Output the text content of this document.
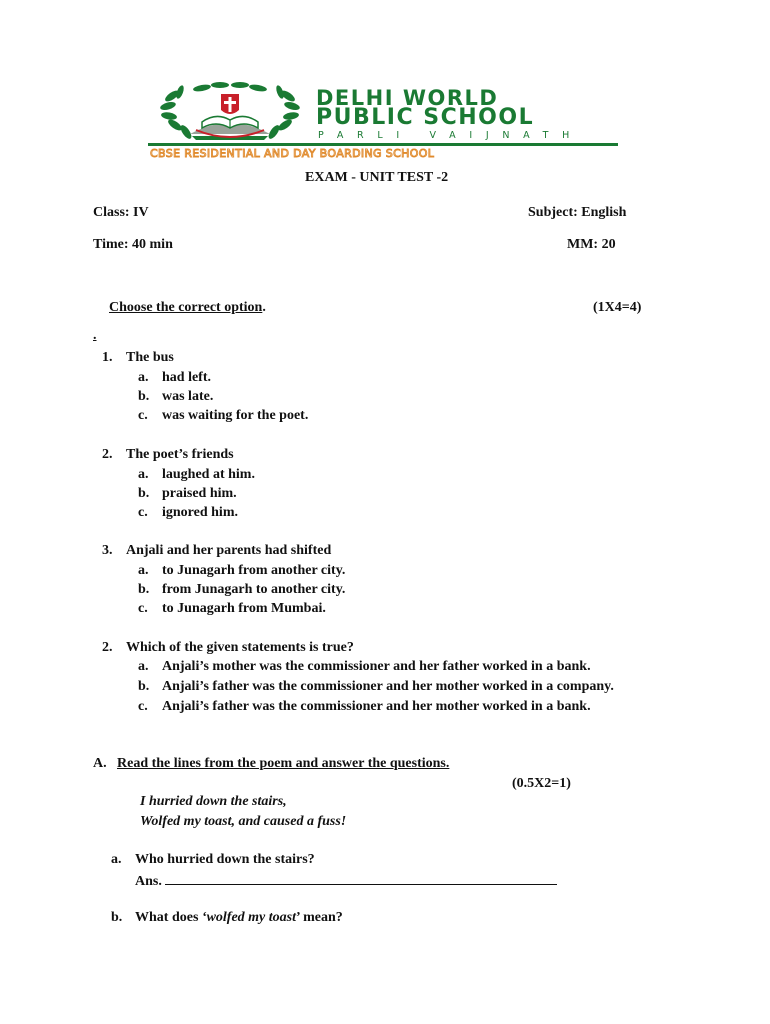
DELHI WORLD
PUBLIC SCHOOL
PARLI VAIJNATH
CBSE RESIDENTIAL AND DAY BOARDING SCHOOL
EXAM - UNIT TEST -2
Class: IV	Subject: English
Time: 40 min	MM: 20
Choose the correct option.	(1X4=4)
.
1. The bus
a. had left.
b. was late.
c. was waiting for the poet.
2. The poet’s friends
a. laughed at him.
b. praised him.
c. ignored him.
3. Anjali and her parents had shifted
a. to Junagarh from another city.
b. from Junagarh to another city.
c. to Junagarh from Mumbai.
2. Which of the given statements is true?
a. Anjali’s mother was the commissioner and her father worked in a bank.
b. Anjali’s father was the commissioner and her mother worked in a company.
c. Anjali’s father was the commissioner and her mother worked in a bank.
A. Read the lines from the poem and answer the questions.
(0.5X2=1)
I hurried down the stairs,
Wolfed my toast, and caused a fuss!
a. Who hurried down the stairs?
Ans.
b. What does ‘wolfed my toast’ mean?
